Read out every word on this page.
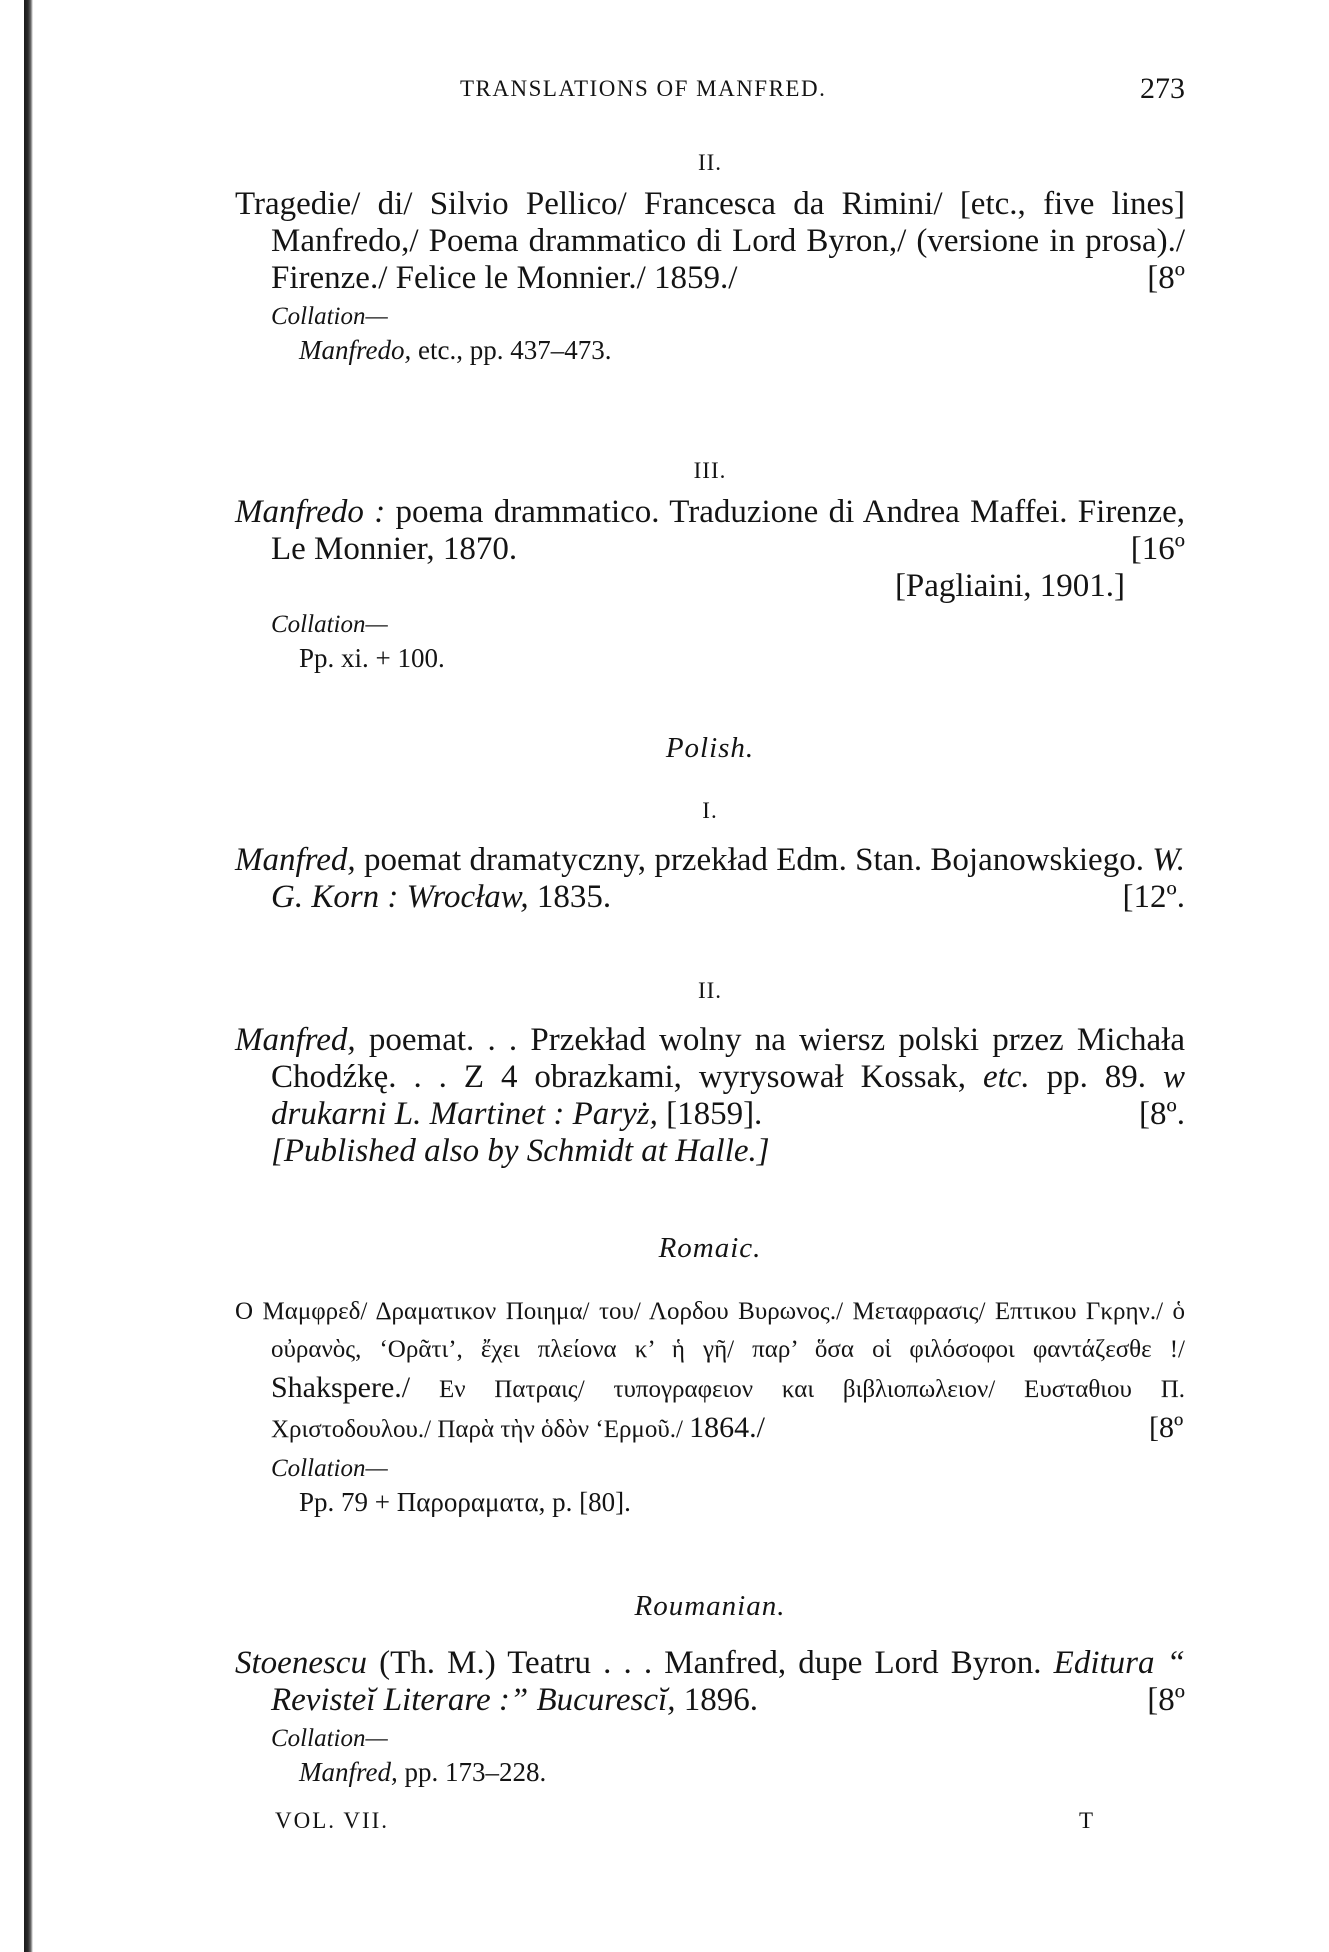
TRANSLATIONS OF MANFRED.	273
II.
Tragedie/ di/ Silvio Pellico/ Francesca da Rimini/ [etc., five lines] Manfredo,/ Poema drammatico di Lord Byron,/ (versione in prosa)./ Firenze./ Felice le Monnier./ 1859./	[8º
Collation—
Manfredo, etc., pp. 437–473.
III.
Manfredo : poema drammatico. Traduzione di Andrea Maffei. Firenze, Le Monnier, 1870.	[16º
[Pagliaini, 1901.]
Collation—
Pp. xi. + 100.
Polish.
I.
Manfred, poemat dramatyczny, przekład Edm. Stan. Bojanowskiego. W. G. Korn : Wrocław, 1835.	[12º.
II.
Manfred, poemat. . . Przekład wolny na wiersz polski przez Michała Chodźkę. . . Z 4 obrazkami, wyrysował Kossak, etc. pp. 89. w drukarni L. Martinet : Paryż, [1859].	[8º.

[Published also by Schmidt at Halle.]
Romaic.
Ο Μαμφρεδ/ Δραματικον Ποιημα/ του/ Λορδου Βυρωνος./ Μεταφρασις/ Επτικου Γκρην./ ὁ οὐρανὸς, ‘Ορᾶτι’, ἔχει πλείονα κ’ ἡ γῆ/ παρ’ ὅσα οἱ φιλόσοφοι φαντάζεσθε !/ Shakspere./ Εν Πατραις/ τυπογραφειον και βιβλιοπωλειον/ Ευσταθιου Π. Χριστοδουλου./ Παρὰ τὴν ὁδὸν ‘Ερμοῦ./ 1864./	[8º
Collation—
Pp. 79 + Παροραματα, p. [80].
Roumanian.
Stoenescu (Th. M.) Teatru . . . Manfred, dupe Lord Byron. Editura “ Revisteĭ Literare :” Bucurescĭ, 1896.	[8º
Collation—
Manfred, pp. 173–228.
VOL. VII.	T
